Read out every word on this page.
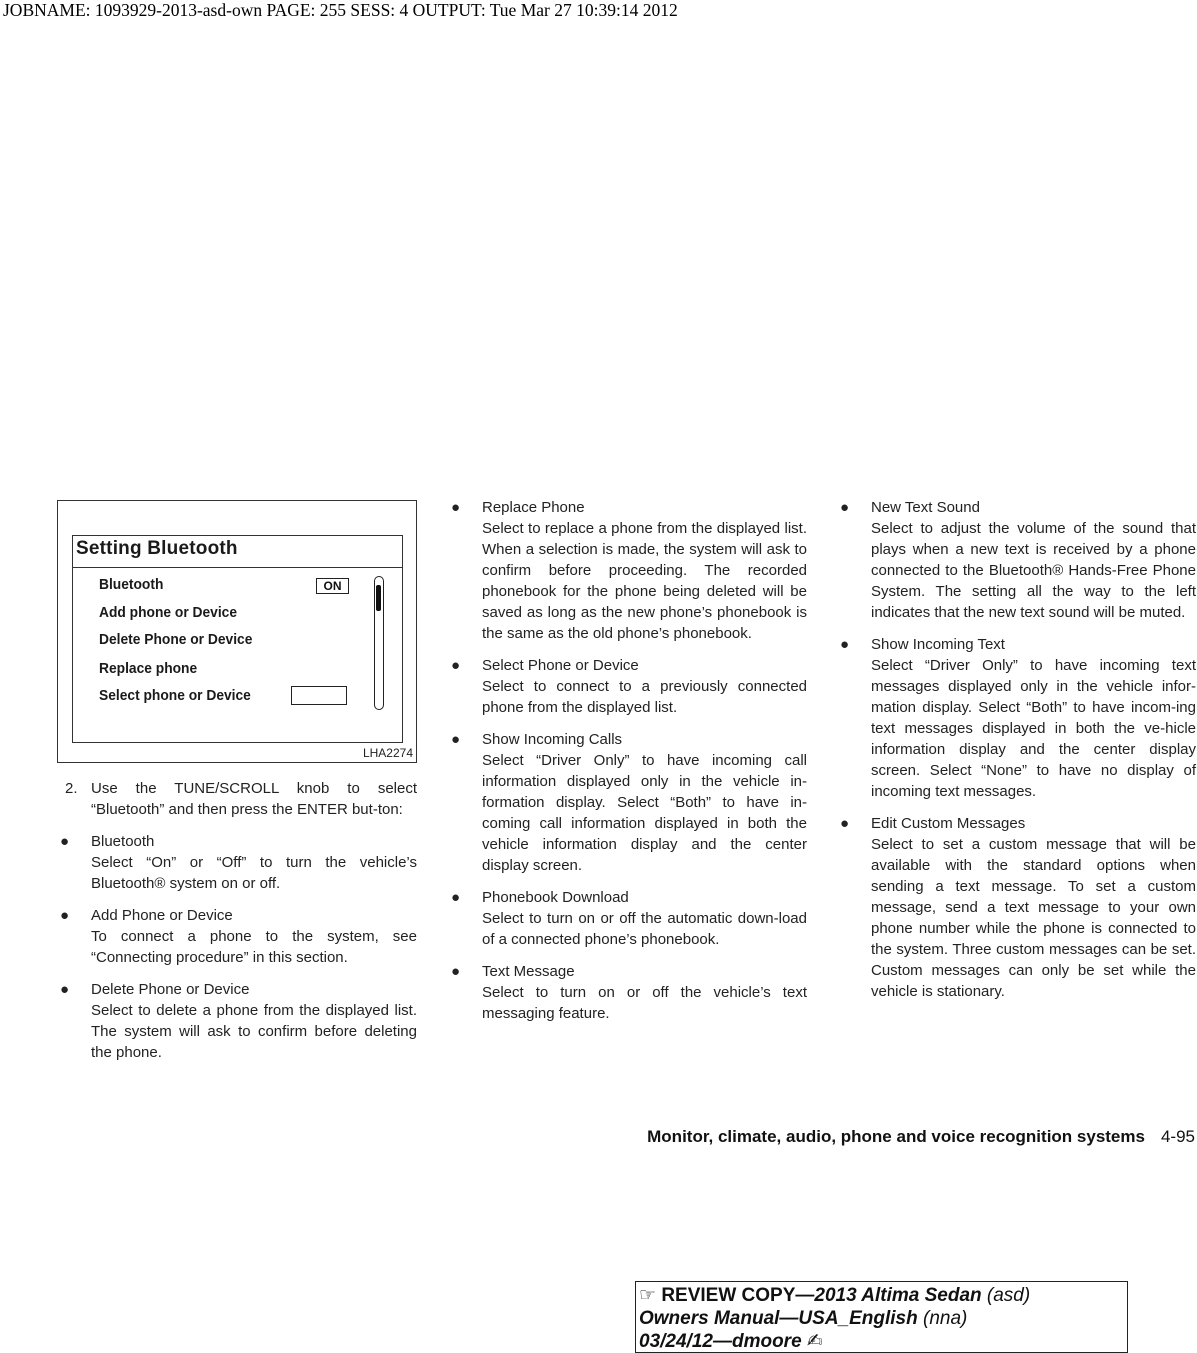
JOBNAME: 1093929-2013-asd-own PAGE: 255 SESS: 4 OUTPUT: Tue Mar 27 10:39:14 2012
Setting Bluetooth
Bluetooth
Add phone or Device
Delete Phone or Device
Replace phone
Select phone or Device
ON
LHA2274

2. Use the TUNE/SCROLL knob to select “Bluetooth” and then press the ENTER but-ton:

● Bluetooth
Select “On” or “Off” to turn the vehicle’s Bluetooth® system on or off.

● Add Phone or Device
To connect a phone to the system, see “Connecting procedure” in this section.

● Delete Phone or Device
Select to delete a phone from the displayed list. The system will ask to confirm before deleting the phone.

● Replace Phone
Select to replace a phone from the displayed list. When a selection is made, the system will ask to confirm before proceeding. The recorded phonebook for the phone being deleted will be saved as long as the new phone’s phonebook is the same as the old phone’s phonebook.

● Select Phone or Device
Select to connect to a previously connected phone from the displayed list.

● Show Incoming Calls
Select “Driver Only” to have incoming call information displayed only in the vehicle in-formation display. Select “Both” to have in-coming call information displayed in both the vehicle information display and the center display screen.

● Phonebook Download
Select to turn on or off the automatic down-load of a connected phone’s phonebook.

● Text Message
Select to turn on or off the vehicle’s text messaging feature.

● New Text Sound
Select to adjust the volume of the sound that plays when a new text is received by a phone connected to the Bluetooth® Hands-Free Phone System. The setting all the way to the left indicates that the new text sound will be muted.

● Show Incoming Text
Select “Driver Only” to have incoming text messages displayed only in the vehicle infor-mation display. Select “Both” to have incom-ing text messages displayed in both the ve-hicle information display and the center display screen. Select “None” to have no display of incoming text messages.

● Edit Custom Messages
Select to set a custom message that will be available with the standard options when sending a text message. To set a custom message, send a text message to your own phone number while the phone is connected to the system. Three custom messages can be set. Custom messages can only be set while the vehicle is stationary.

Monitor, climate, audio, phone and voice recognition systems 4-95
☞ REVIEW COPY—2013 Altima Sedan (asd)
Owners Manual—USA_English (nna)
03/24/12—dmoore ✍
